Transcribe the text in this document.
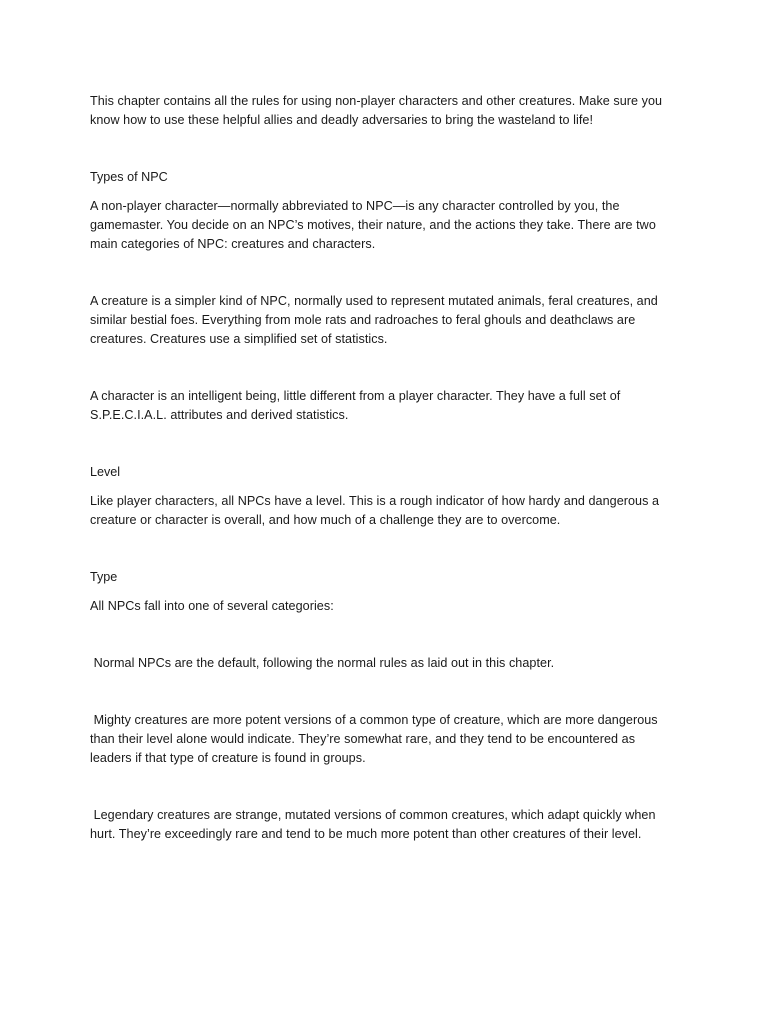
This chapter contains all the rules for using non-player characters and other creatures. Make sure you know how to use these helpful allies and deadly adversaries to bring the wasteland to life!

Types of NPC

A non-player character—normally abbreviated to NPC—is any character controlled by you, the gamemaster. You decide on an NPC’s motives, their nature, and the actions they take. There are two main categories of NPC: creatures and characters.

A creature is a simpler kind of NPC, normally used to represent mutated animals, feral creatures, and similar bestial foes. Everything from mole rats and radroaches to feral ghouls and deathclaws are creatures. Creatures use a simplified set of statistics.

A character is an intelligent being, little different from a player character. They have a full set of S.P.E.C.I.A.L. attributes and derived statistics.

Level

Like player characters, all NPCs have a level. This is a rough indicator of how hardy and dangerous a creature or character is overall, and how much of a challenge they are to overcome.

Type

All NPCs fall into one of several categories:

Normal NPCs are the default, following the normal rules as laid out in this chapter.

Mighty creatures are more potent versions of a common type of creature, which are more dangerous than their level alone would indicate. They’re somewhat rare, and they tend to be encountered as leaders if that type of creature is found in groups.

Legendary creatures are strange, mutated versions of common creatures, which adapt quickly when hurt. They’re exceedingly rare and tend to be much more potent than other creatures of their level.
